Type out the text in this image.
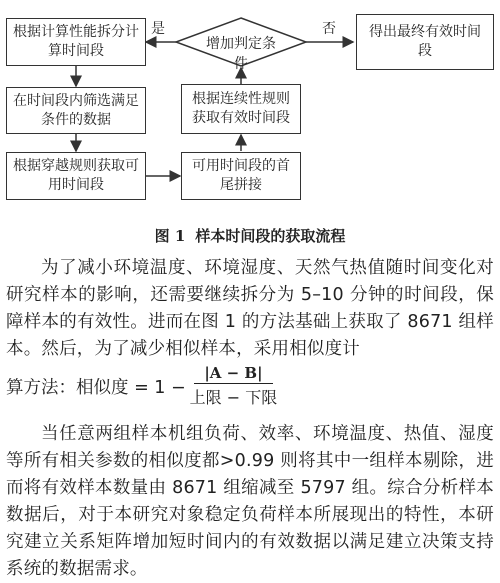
根据计算性能拆分计算时间段	增加判定条件
得出最终有效时间段
是	否
在时间段内筛选满足条件的数据
根据连续性规则获取有效时间段
根据穿越规则获取可用时间段
可用时间段的首尾拼接
图 1 样本时间段的获取流程

为了减小环境温度、环境湿度、天然气热值随时间变化对研究样本的影响，还需要继续拆分为 5–10 分钟的时间段，保障样本的有效性。进而在图 1 的方法基础上获取了 8671 组样本。然后，为了减少相似样本，采用相似度计

算方法： 相似度 = $1 - \frac{|A - B|}{\text{上限 − 下限}}$

当任意两组样本机组负荷、效率、环境温度、热值、湿度等所有相关参数的相似度都>0.99 则将其中一组样本剔除，进而将有效样本数量由 8671 组缩减至 5797 组。综合分析样本数据后，对于本研究对象稳定负荷样本所展现出的特性，本研究建立关系矩阵增加短时间内的有效数据以满足建立决策支持系统的数据需求。
